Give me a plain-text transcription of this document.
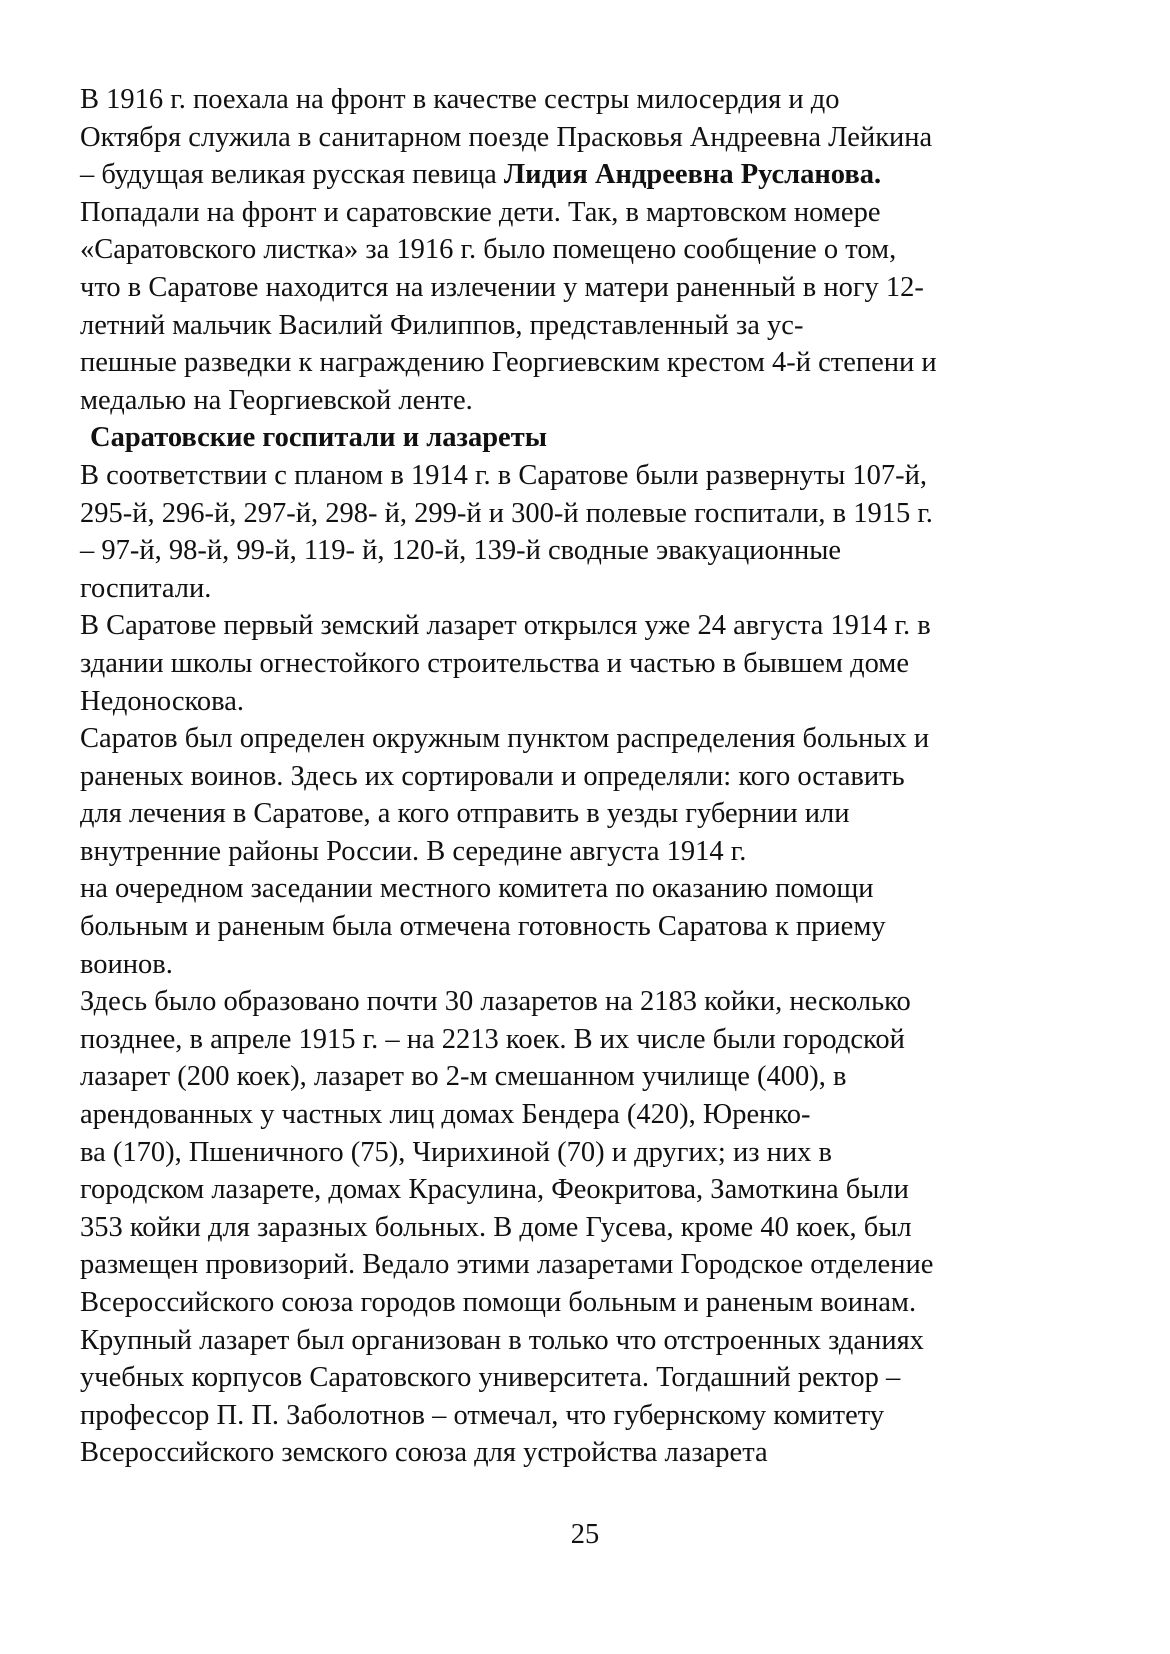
В 1916 г. поехала на фронт в качестве сестры милосердия и до
Октября служила в санитарном поезде Прасковья Андреевна Лейкина
– будущая великая русская певица Лидия Андреевна Русланова.
Попадали на фронт и саратовские дети. Так, в мартовском номере
«Саратовского листка» за 1916 г. было помещено сообщение о том,
что в Саратове находится на излечении у матери раненный в ногу 12-
летний мальчик Василий Филиппов, представленный за ус-
пешные разведки к награждению Георгиевским крестом 4-й степени и
медалью на Георгиевской ленте.
Саратовские госпитали и лазареты
В соответствии с планом в 1914 г. в Саратове были развернуты 107-й,
295-й, 296-й, 297-й, 298- й, 299-й и 300-й полевые госпитали, в 1915 г.
– 97-й, 98-й, 99-й, 119- й, 120-й, 139-й сводные эвакуационные
госпитали.
В Саратове первый земский лазарет открылся уже 24 августа 1914 г. в
здании школы огнестойкого строительства и частью в бывшем доме
Недоноскова.
Саратов был определен окружным пунктом распределения больных и
раненых воинов. Здесь их сортировали и определяли: кого оставить
для лечения в Саратове, а кого отправить в уезды губернии или
внутренние районы России. В середине августа 1914 г.
на очередном заседании местного комитета по оказанию помощи
больным и раненым была отмечена готовность Саратова к приему
воинов.
Здесь было образовано почти 30 лазаретов на 2183 койки, несколько
позднее, в апреле 1915 г. – на 2213 коек. В их числе были городской
лазарет (200 коек), лазарет во 2-м смешанном училище (400), в
арендованных у частных лиц домах Бендера (420), Юренко-
ва (170), Пшеничного (75), Чирихиной (70) и других; из них в
городском лазарете, домах Красулина, Феокритова, Замоткина были
353 койки для заразных больных. В доме Гусева, кроме 40 коек, был
размещен провизорий. Ведало этими лазаретами Городское отделение
Всероссийского союза городов помощи больным и раненым воинам.
Крупный лазарет был организован в только что отстроенных зданиях
учебных корпусов Саратовского университета. Тогдашний ректор –
профессор П. П. Заболотнов – отмечал, что губернскому комитету
Всероссийского земского союза для устройства лазарета
25
